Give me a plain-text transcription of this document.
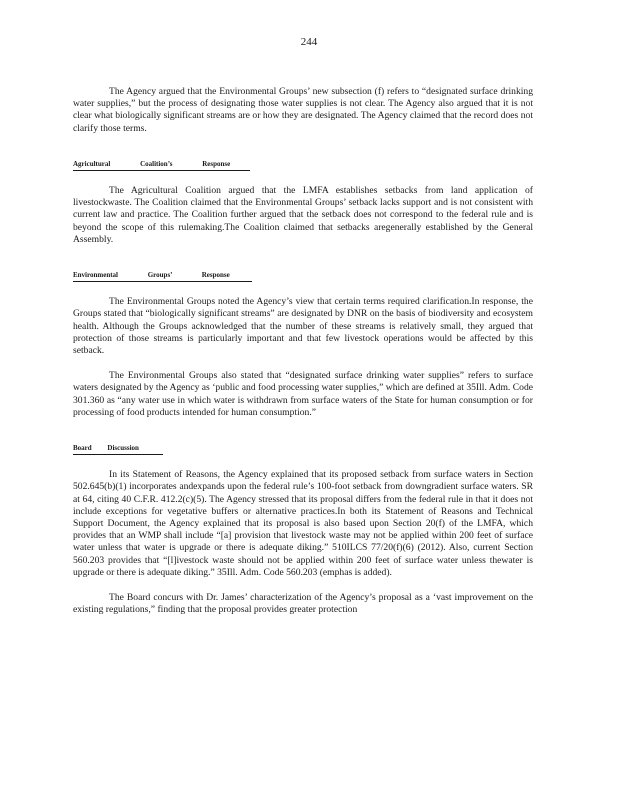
244

The Agency argued that the Environmental Groups’ new subsection (f) refers to “designated surface drinking water supplies,” but the process of designating those water supplies is not clear. The Agency also argued that it is not clear what biologically significant streams are or how they are designated. The Agency claimed that the record does not clarify those terms.

Agricultural Coalition’s Response

The Agricultural Coalition argued that the LMFA establishes setbacks from land application of livestockwaste. The Coalition claimed that the Environmental Groups’ setback lacks support and is not consistent with current law and practice. The Coalition further argued that the setback does not correspond to the federal rule and is beyond the scope of this rulemaking.The Coalition claimed that setbacks aregenerally established by the General Assembly.

Environmental Groups’ Response

The Environmental Groups noted the Agency’s view that certain terms required clarification.In response, the Groups stated that “biologically significant streams” are designated by DNR on the basis of biodiversity and ecosystem health. Although the Groups acknowledged that the number of these streams is relatively small, they argued that protection of those streams is particularly important and that few livestock operations would be affected by this setback.

The Environmental Groups also stated that “designated surface drinking water supplies” refers to surface waters designated by the Agency as ‘public and food processing water supplies,” which are defined at 35Ill. Adm. Code 301.360 as “any water use in which water is withdrawn from surface waters of the State for human consumption or for processing of food products intended for human consumption.”

Board Discussion

In its Statement of Reasons, the Agency explained that its proposed setback from surface waters in Section 502.645(b)(1) incorporates andexpands upon the federal rule’s 100-foot setback from downgradient surface waters. SR at 64, citing 40 C.F.R. 412.2(c)(5). The Agency stressed that its proposal differs from the federal rule in that it does not include exceptions for vegetative buffers or alternative practices.In both its Statement of Reasons and Technical Support Document, the Agency explained that its proposal is also based upon Section 20(f) of the LMFA, which provides that an WMP shall include “[a] provision that livestock waste may not be applied within 200 feet of surface water unless that water is upgrade or there is adequate diking.” 510ILCS 77/20(f)(6) (2012). Also, current Section 560.203 provides that “[l]ivestock waste should not be applied within 200 feet of surface water unless thewater is upgrade or there is adequate diking.” 35Ill. Adm. Code 560.203 (emphas is added).

The Board concurs with Dr. James’ characterization of the Agency’s proposal as a ‘vast improvement on the existing regulations,” finding that the proposal provides greater protection
